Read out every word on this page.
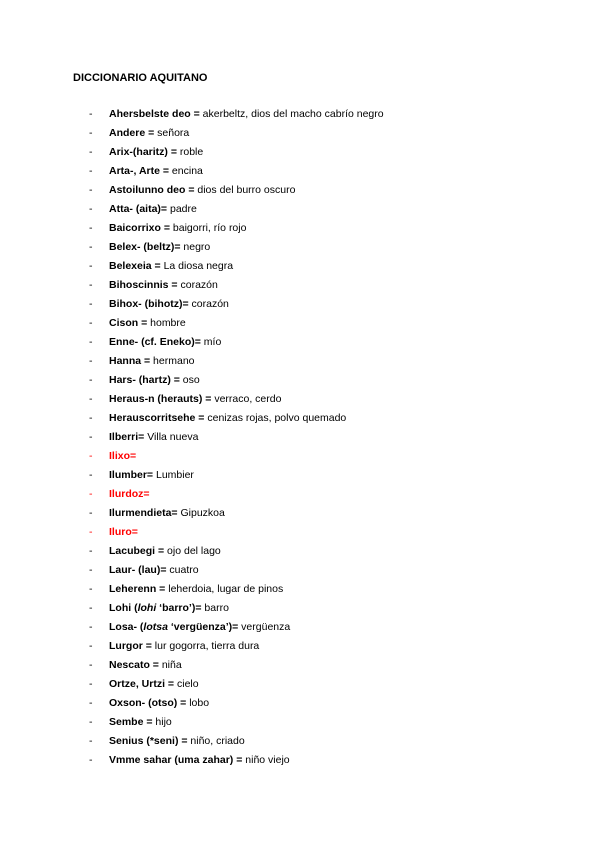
DICCIONARIO AQUITANO
- Ahersbelste deo = akerbeltz, dios del macho cabrío negro
- Andere = señora
- Arix-(haritz) = roble
- Arta-, Arte = encina
- Astoilunno deo = dios del burro oscuro
- Atta- (aita)= padre
- Baicorrixo = baigorri, río rojo
- Belex- (beltz)= negro
- Belexeia = La diosa negra
- Bihoscinnis = corazón
- Bihox- (bihotz)= corazón
- Cison = hombre
- Enne- (cf. Eneko)= mío
- Hanna = hermano
- Hars- (hartz) = oso
- Heraus-n (herauts) = verraco, cerdo
- Herauscorritsehe = cenizas rojas, polvo quemado
- Ilberri= Villa nueva
- Ilixo=
- Ilumber= Lumbier
- Ilurdoz=
- Ilurmendieta= Gipuzkoa
- Iluro=
- Lacubegi = ojo del lago
- Laur- (lau)= cuatro
- Leherenn = leherdoia, lugar de pinos
- Lohi (lohi ‘barro’)= barro
- Losa- (lotsa ‘vergüenza’)= vergüenza
- Lurgor = lur gogorra, tierra dura
- Nescato = niña
- Ortze, Urtzi = cielo
- Oxson- (otso) = lobo
- Sembe = hijo
- Senius (*seni) = niño, criado
- Vmme sahar (uma zahar) = niño viejo
